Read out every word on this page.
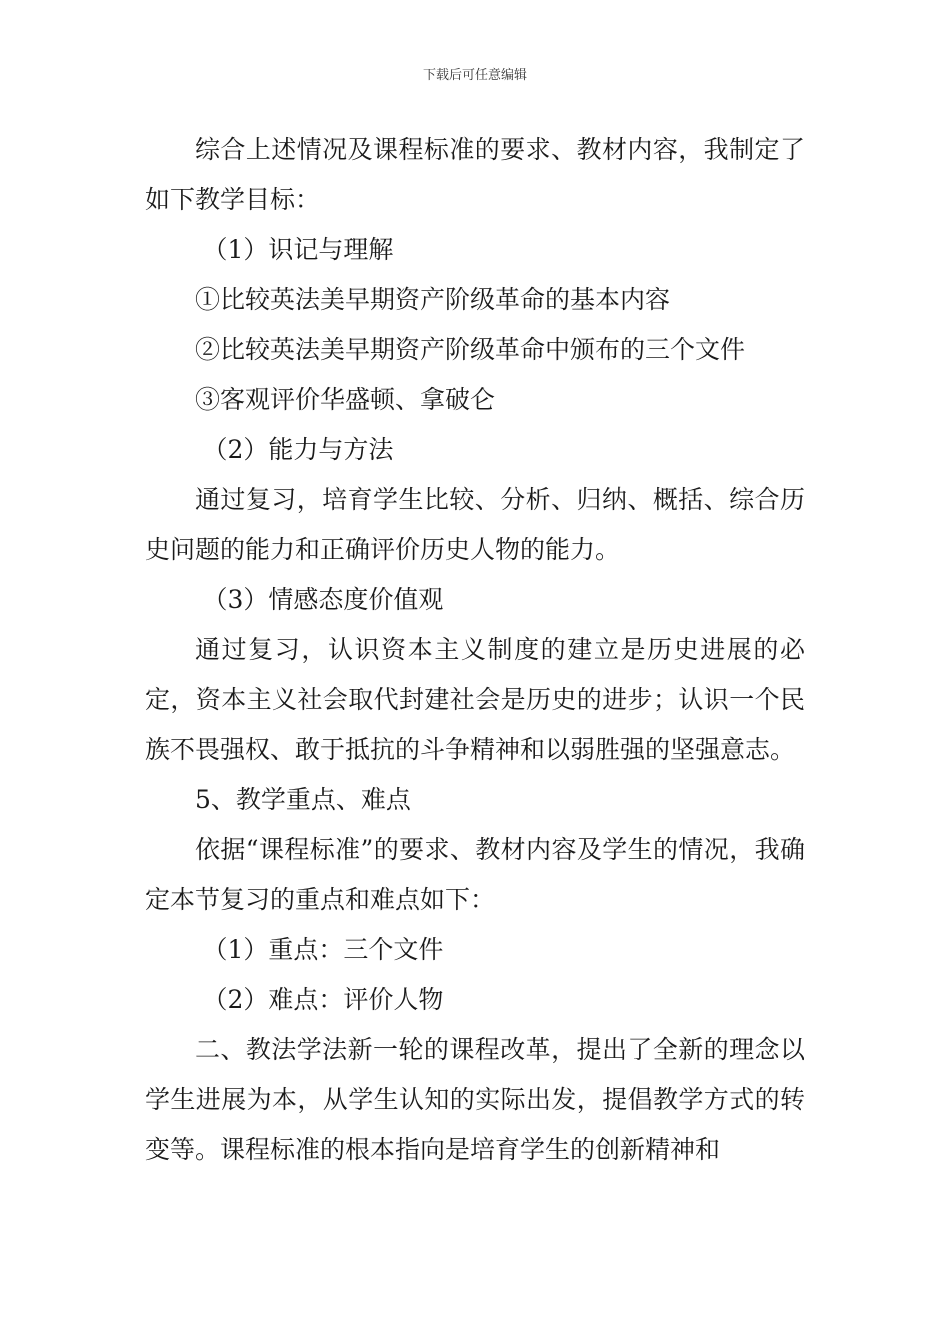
下载后可任意编辑

综合上述情况及课程标准的要求、教材内容，我制定了如下教学目标：

（1）识记与理解

①比较英法美早期资产阶级革命的基本内容

②比较英法美早期资产阶级革命中颁布的三个文件

③客观评价华盛顿、拿破仑

（2）能力与方法

通过复习，培育学生比较、分析、归纳、概括、综合历史问题的能力和正确评价历史人物的能力。

（3）情感态度价值观

通过复习，认识资本主义制度的建立是历史进展的必定，资本主义社会取代封建社会是历史的进步；认识一个民族不畏强权、敢于抵抗的斗争精神和以弱胜强的坚强意志。

5、教学重点、难点

依据“课程标准”的要求、教材内容及学生的情况，我确定本节复习的重点和难点如下：

（1）重点：三个文件

（2）难点：评价人物

二、教法学法新一轮的课程改革，提出了全新的理念以学生进展为本，从学生认知的实际出发，提倡教学方式的转变等。课程标准的根本指向是培育学生的创新精神和
